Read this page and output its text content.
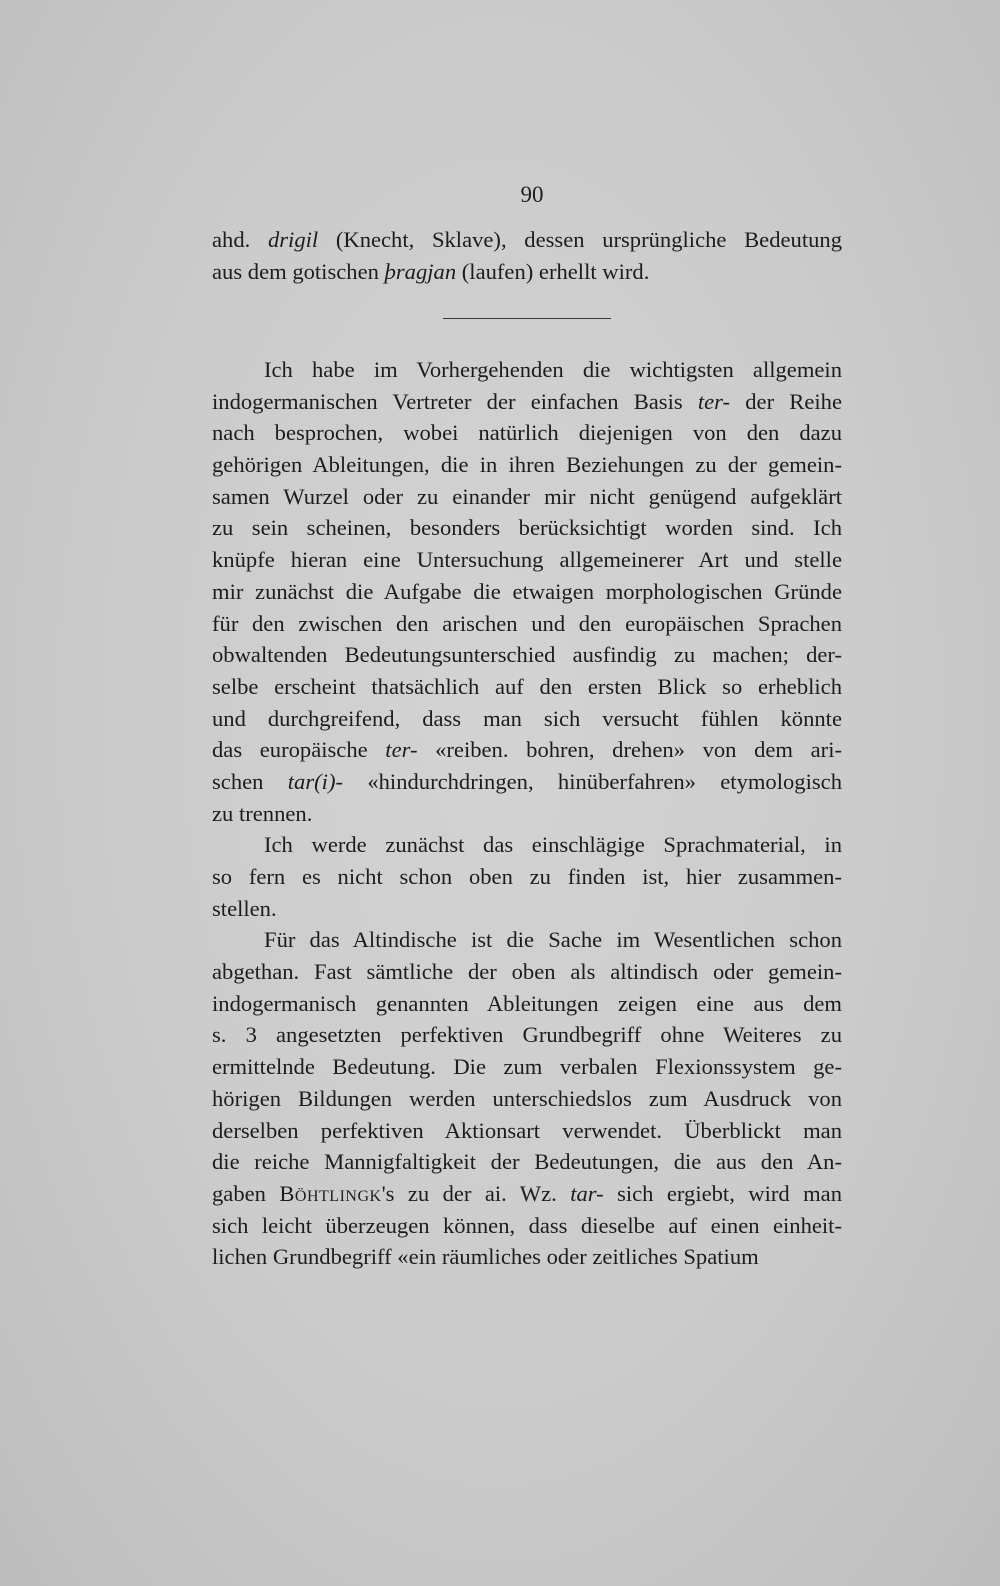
90
ahd. drigil (Knecht, Sklave), dessen ursprüngliche Bedeutung
aus dem gotischen þragjan (laufen) erhellt wird.
Ich habe im Vorhergehenden die wichtigsten allgemein
indogermanischen Vertreter der einfachen Basis ter- der Reihe
nach besprochen, wobei natürlich diejenigen von den dazu
gehörigen Ableitungen, die in ihren Beziehungen zu der gemein-
samen Wurzel oder zu einander mir nicht genügend aufgeklärt
zu sein scheinen, besonders berücksichtigt worden sind. Ich
knüpfe hieran eine Untersuchung allgemeinerer Art und stelle
mir zunächst die Aufgabe die etwaigen morphologischen Gründe
für den zwischen den arischen und den europäischen Sprachen
obwaltenden Bedeutungsunterschied ausfindig zu machen; der-
selbe erscheint thatsächlich auf den ersten Blick so erheblich
und durchgreifend, dass man sich versucht fühlen könnte
das europäische ter- «reiben. bohren, drehen» von dem ari-
schen tar(i)- «hindurchdringen, hinüberfahren» etymologisch
zu trennen.
Ich werde zunächst das einschlägige Sprachmaterial, in
so fern es nicht schon oben zu finden ist, hier zusammen-
stellen.
Für das Altindische ist die Sache im Wesentlichen schon
abgethan. Fast sämtliche der oben als altindisch oder gemein-
indogermanisch genannten Ableitungen zeigen eine aus dem
s. 3 angesetzten perfektiven Grundbegriff ohne Weiteres zu
ermittelnde Bedeutung. Die zum verbalen Flexionssystem ge-
hörigen Bildungen werden unterschiedslos zum Ausdruck von
derselben perfektiven Aktionsart verwendet. Überblickt man
die reiche Mannigfaltigkeit der Bedeutungen, die aus den An-
gaben Böhtlingk's zu der ai. Wz. tar- sich ergiebt, wird man
sich leicht überzeugen können, dass dieselbe auf einen einheit-
lichen Grundbegriff «ein räumliches oder zeitliches Spatium
